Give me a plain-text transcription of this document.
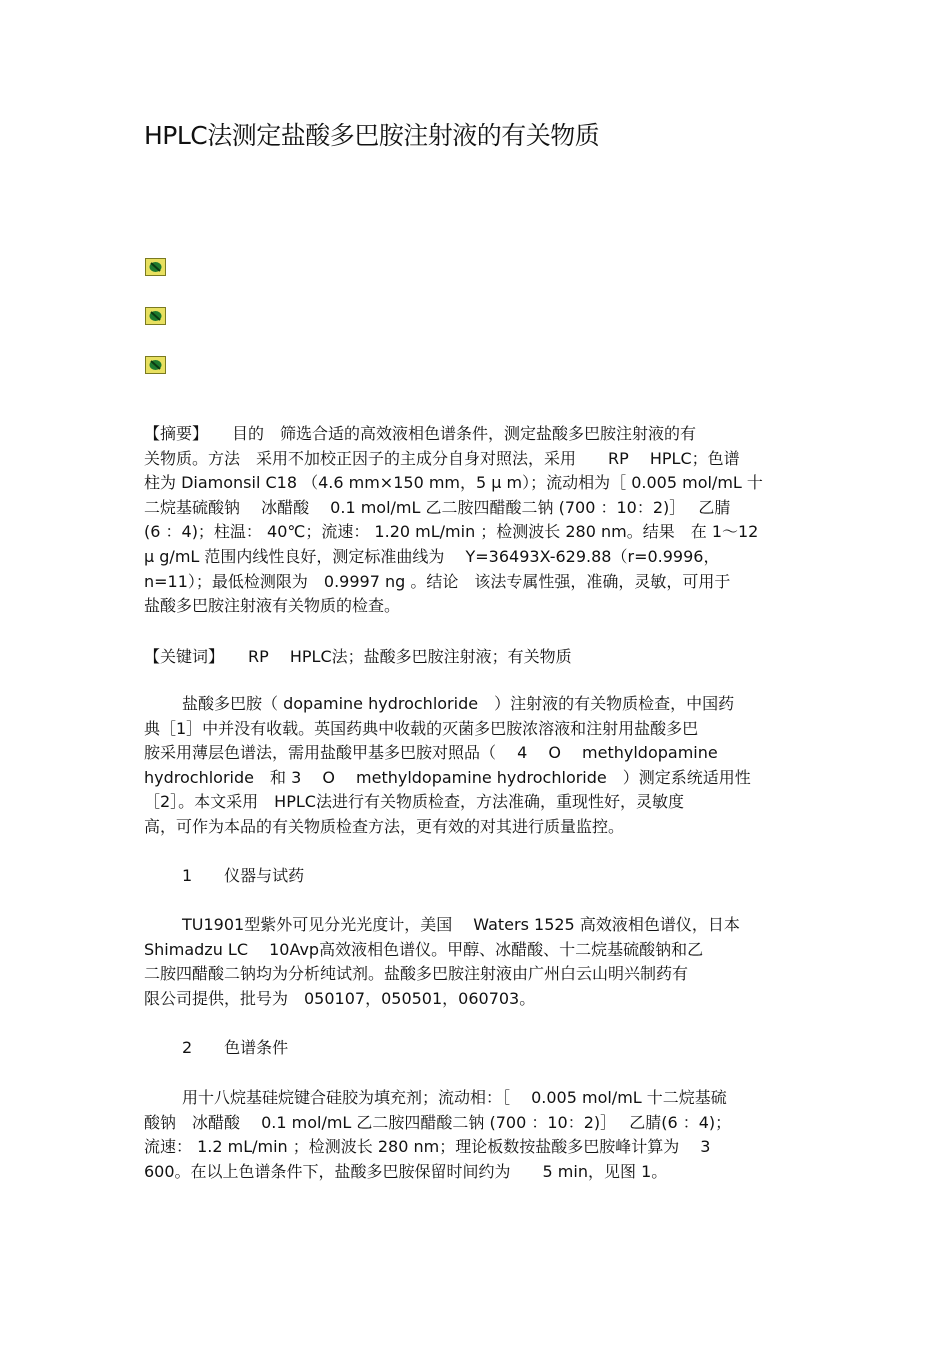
HPLC法测定盐酸多巴胺注射液的有关物质
【摘要】　　目的　筛选合适的高效液相色谱条件，测定盐酸多巴胺注射液的有
关物质。方法　采用不加校正因子的主成分自身对照法，采用　　RP　 HPLC；色谱
柱为 Diamonsil C18 （4.6 mm×150 mm，5 μ m）；流动相为［ 0.005 mol/mL 十
二烷基硫酸钠　 冰醋酸　 0.1 mol/mL 乙二胺四醋酸二钠 (700 ：10：2)］　 乙腈
(6 ：4)；柱温： 40℃；流速： 1.20 mL/min ；检测波长 280 nm。结果　在 1～12
μ g/mL 范围内线性良好，测定标准曲线为　 Y=36493X-629.88（r=0.9996，
n=11）；最低检测限为　0.9997 ng 。结论　该法专属性强，准确，灵敏，可用于
盐酸多巴胺注射液有关物质的检查。
【关键词】　　RP　 HPLC法；盐酸多巴胺注射液；有关物质
盐酸多巴胺（ dopamine hydrochloride　）注射液的有关物质检查，中国药
典［1］中并没有收载。英国药典中收载的灭菌多巴胺浓溶液和注射用盐酸多巴
胺采用薄层色谱法，需用盐酸甲基多巴胺对照品（　 4　 O　 methyldopamine
hydrochloride　和 3　 O　 methyldopamine hydrochloride　）测定系统适用性
［2］。本文采用　HPLC法进行有关物质检查，方法准确，重现性好，灵敏度
高，可作为本品的有关物质检查方法，更有效的对其进行质量监控。
1　　仪器与试药
TU1901型紫外可见分光光度计，美国　 Waters 1525 高效液相色谱仪，日本
Shimadzu LC　 10Avp高效液相色谱仪。甲醇、冰醋酸、十二烷基硫酸钠和乙
二胺四醋酸二钠均为分析纯试剂。盐酸多巴胺注射液由广州白云山明兴制药有
限公司提供，批号为　050107，050501，060703。
2　　色谱条件
用十八烷基硅烷键合硅胶为填充剂；流动相：［　 0.005 mol/mL 十二烷基硫
酸钠　冰醋酸　 0.1 mol/mL 乙二胺四醋酸二钠 (700 ：10：2)］　 乙腈(6 ：4)；
流速： 1.2 mL/min ；检测波长 280 nm；理论板数按盐酸多巴胺峰计算为　 3
600。在以上色谱条件下，盐酸多巴胺保留时间约为　　5 min，见图 1。
